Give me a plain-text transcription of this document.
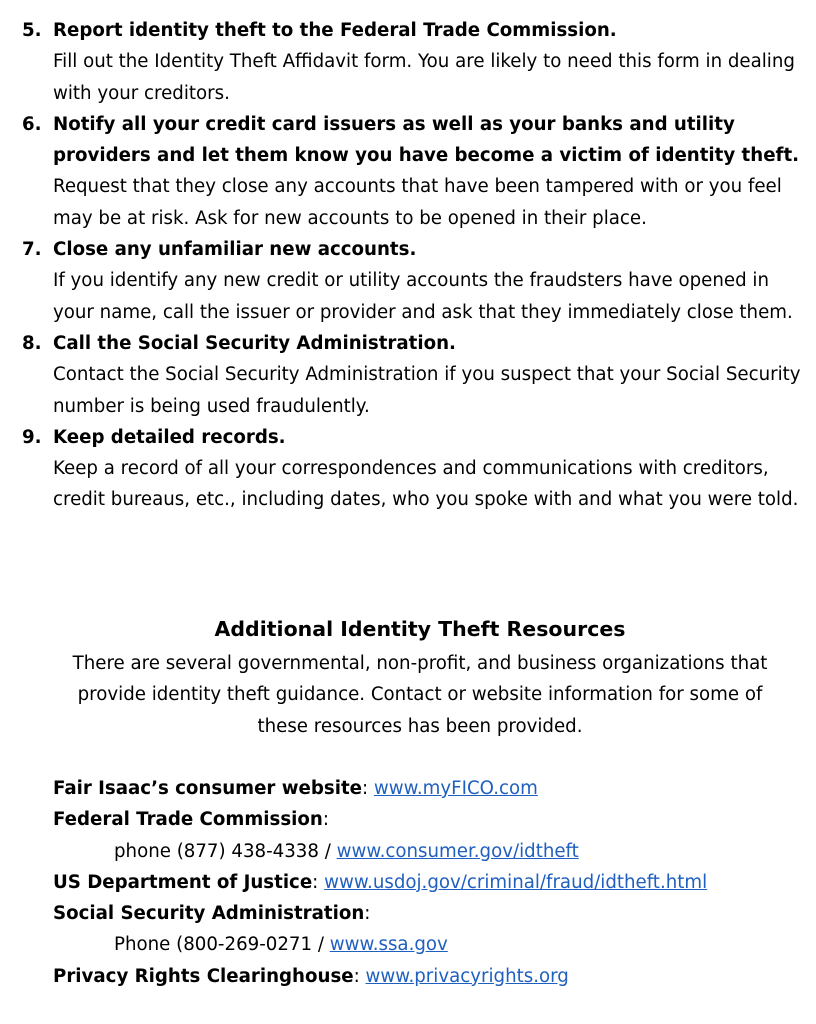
5. Report identity theft to the Federal Trade Commission.
Fill out the Identity Theft Affidavit form. You are likely to need this form in dealing with your creditors.
6. Notify all your credit card issuers as well as your banks and utility providers and let them know you have become a victim of identity theft.
Request that they close any accounts that have been tampered with or you feel may be at risk. Ask for new accounts to be opened in their place.
7. Close any unfamiliar new accounts.
If you identify any new credit or utility accounts the fraudsters have opened in your name, call the issuer or provider and ask that they immediately close them.
8. Call the Social Security Administration.
Contact the Social Security Administration if you suspect that your Social Security number is being used fraudulently.
9. Keep detailed records.
Keep a record of all your correspondences and communications with creditors, credit bureaus, etc., including dates, who you spoke with and what you were told.
Additional Identity Theft Resources

There are several governmental, non-profit, and business organizations that provide identity theft guidance. Contact or website information for some of these resources has been provided.

Fair Isaac’s consumer website: www.myFICO.com
Federal Trade Commission:
phone (877) 438-4338 / www.consumer.gov/idtheft
US Department of Justice: www.usdoj.gov/criminal/fraud/idtheft.html
Social Security Administration:
Phone (800-269-0271 / www.ssa.gov
Privacy Rights Clearinghouse: www.privacyrights.org
